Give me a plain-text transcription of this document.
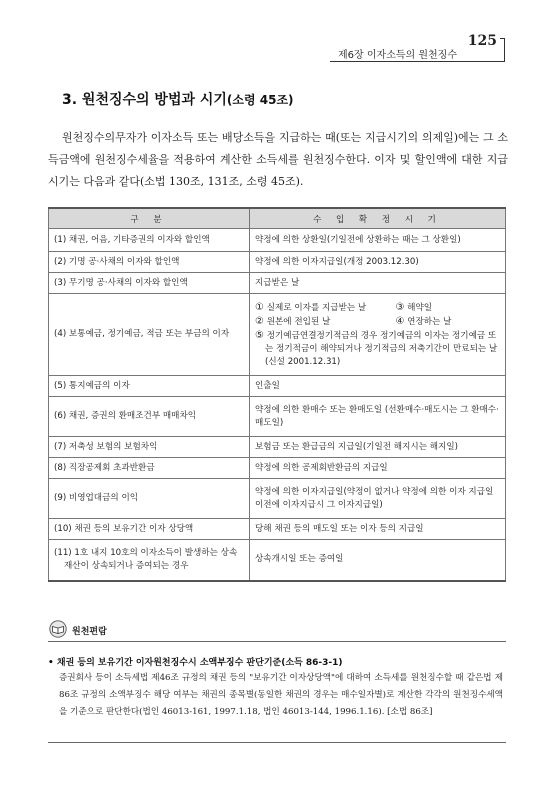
제6장 이자소득의 원천징수
125
3. 원천징수의 방법과 시기(소령 45조)

원천징수의무자가 이자소득 또는 배당소득을 지급하는 때(또는 지급시기의 의제일)에는 그 소득금액에 원천징수세율을 적용하여 계산한 소득세를 원천징수한다. 이자 및 할인액에 대한 지급시기는 다음과 같다(소법 130조, 131조, 소령 45조).

구 분	수 입 확 정 시 기
(1) 채권, 어음, 기타증권의 이자와 할인액	약정에 의한 상환일(기일전에 상환하는 때는 그 상환일)
(2) 기명 공·사채의 이자와 할인액	약정에 의한 이자지급일(개정 2003.12.30)
(3) 무기명 공·사채의 이자와 할인액	지급받은 날
(4) 보통예금, 정기예금, 적금 또는 부금의 이자	① 실제로 이자를 지급받는 날 ③ 해약일
② 원본에 전입된 날 ④ 연장하는 날
⑤ 정기예금연결정기적금의 경우 정기예금의 이자는 정기예금 또는 정기적금이 해약되거나 정기적금의 저축기간이 만료되는 날(신설 2001.12.31)

(5) 통지예금의 이자	인출일
(6) 채권, 증권의 환매조건부 매매차익	약정에 의한 환매수 또는 환매도일 (선환매수·매도시는 그 환매수·매도일)
(7) 저축성 보험의 보험차익	보험금 또는 환급금의 지급일(기일전 해지시는 해지일)
(8) 직장공제회 초과반환금	약정에 의한 공제회반환금의 지급일
(9) 비영업대금의 이익	약정에 의한 이자지급일(약정이 없거나 약정에 의한 이자 지급일 이전에 이자지급시 그 이자지급일)
(10) 채권 등의 보유기간 이자 상당액	당해 채권 등의 매도일 또는 이자 등의 지급일

(11) 1호 내지 10호의 이자소득이 발생하는 상속재산이 상속되거나 증여되는 경우	상속개시일 또는 증여일
원천편람
• 채권 등의 보유기간 이자원천징수시 소액부징수 판단기준(소득 86-3-1)

증권회사 등이 소득세법 제46조 규정의 채권 등의 "보유기간 이자상당액"에 대하여 소득세를 원천징수할 때 같은법 제86조 규정의 소액부징수 해당 여부는 채권의 종목별(동일한 채권의 경우는 매수일자별)로 계산한 각각의 원천징수세액을 기준으로 판단한다(법인 46013-161, 1997.1.18, 법인 46013-144, 1996.1.16). [소법 86조]
